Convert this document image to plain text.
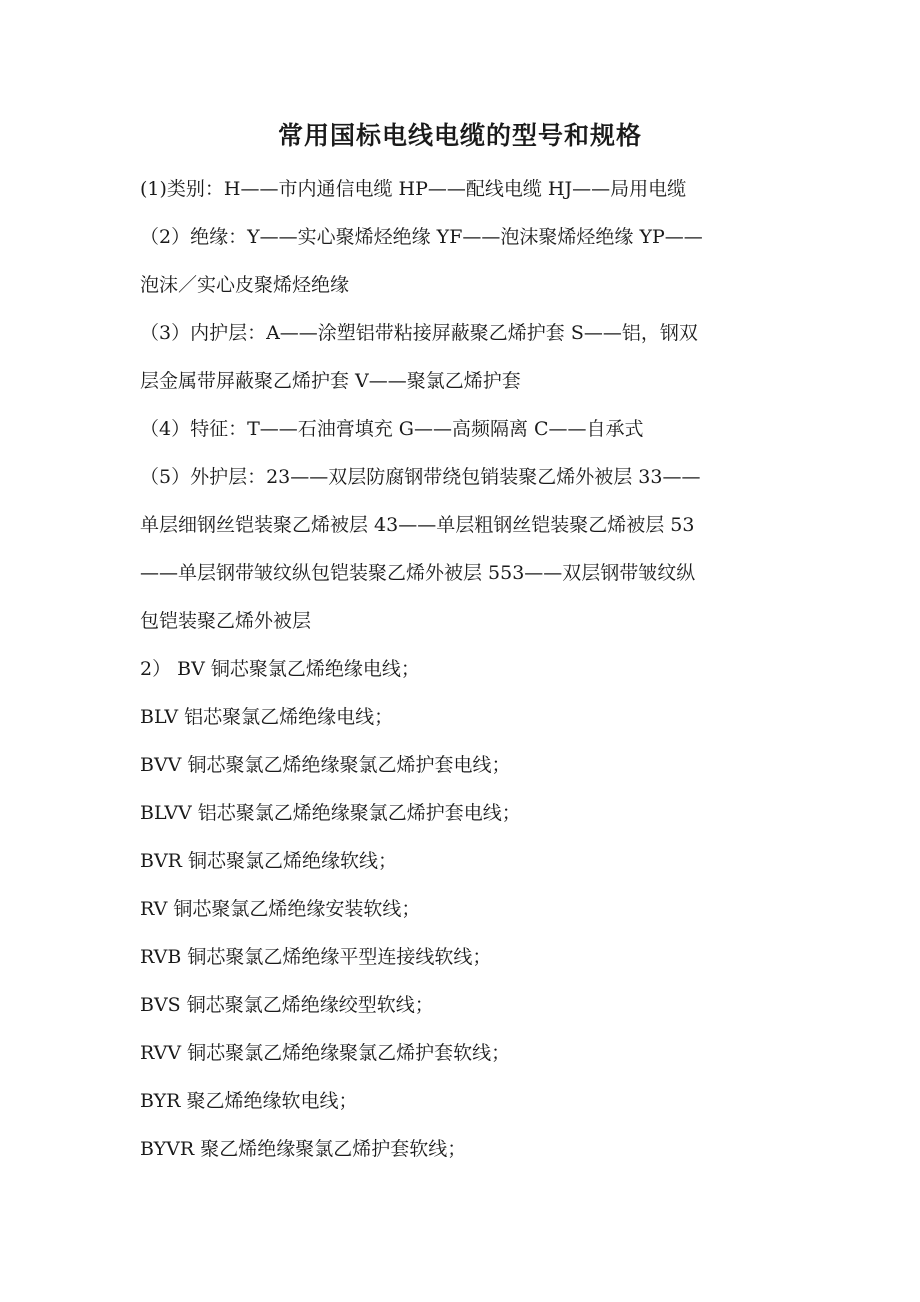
常用国标电线电缆的型号和规格

(1)类别：H——市内通信电缆 HP——配线电缆 HJ——局用电缆

（2）绝缘：Y——实心聚烯烃绝缘 YF——泡沫聚烯烃绝缘 YP——

泡沫／实心皮聚烯烃绝缘

（3）内护层：A——涂塑铝带粘接屏蔽聚乙烯护套 S——铝，钢双

层金属带屏蔽聚乙烯护套 V——聚氯乙烯护套

（4）特征：T——石油膏填充 G——高频隔离 C——自承式

（5）外护层：23——双层防腐钢带绕包销装聚乙烯外被层 33——

单层细钢丝铠装聚乙烯被层 43——单层粗钢丝铠装聚乙烯被层 53

——单层钢带皱纹纵包铠装聚乙烯外被层 553——双层钢带皱纹纵

包铠装聚乙烯外被层

2） BV 铜芯聚氯乙烯绝缘电线；

BLV 铝芯聚氯乙烯绝缘电线；

BVV 铜芯聚氯乙烯绝缘聚氯乙烯护套电线；

BLVV 铝芯聚氯乙烯绝缘聚氯乙烯护套电线；

BVR 铜芯聚氯乙烯绝缘软线；

RV 铜芯聚氯乙烯绝缘安装软线；

RVB 铜芯聚氯乙烯绝缘平型连接线软线；

BVS 铜芯聚氯乙烯绝缘绞型软线；

RVV 铜芯聚氯乙烯绝缘聚氯乙烯护套软线；

BYR 聚乙烯绝缘软电线；

BYVR 聚乙烯绝缘聚氯乙烯护套软线；
